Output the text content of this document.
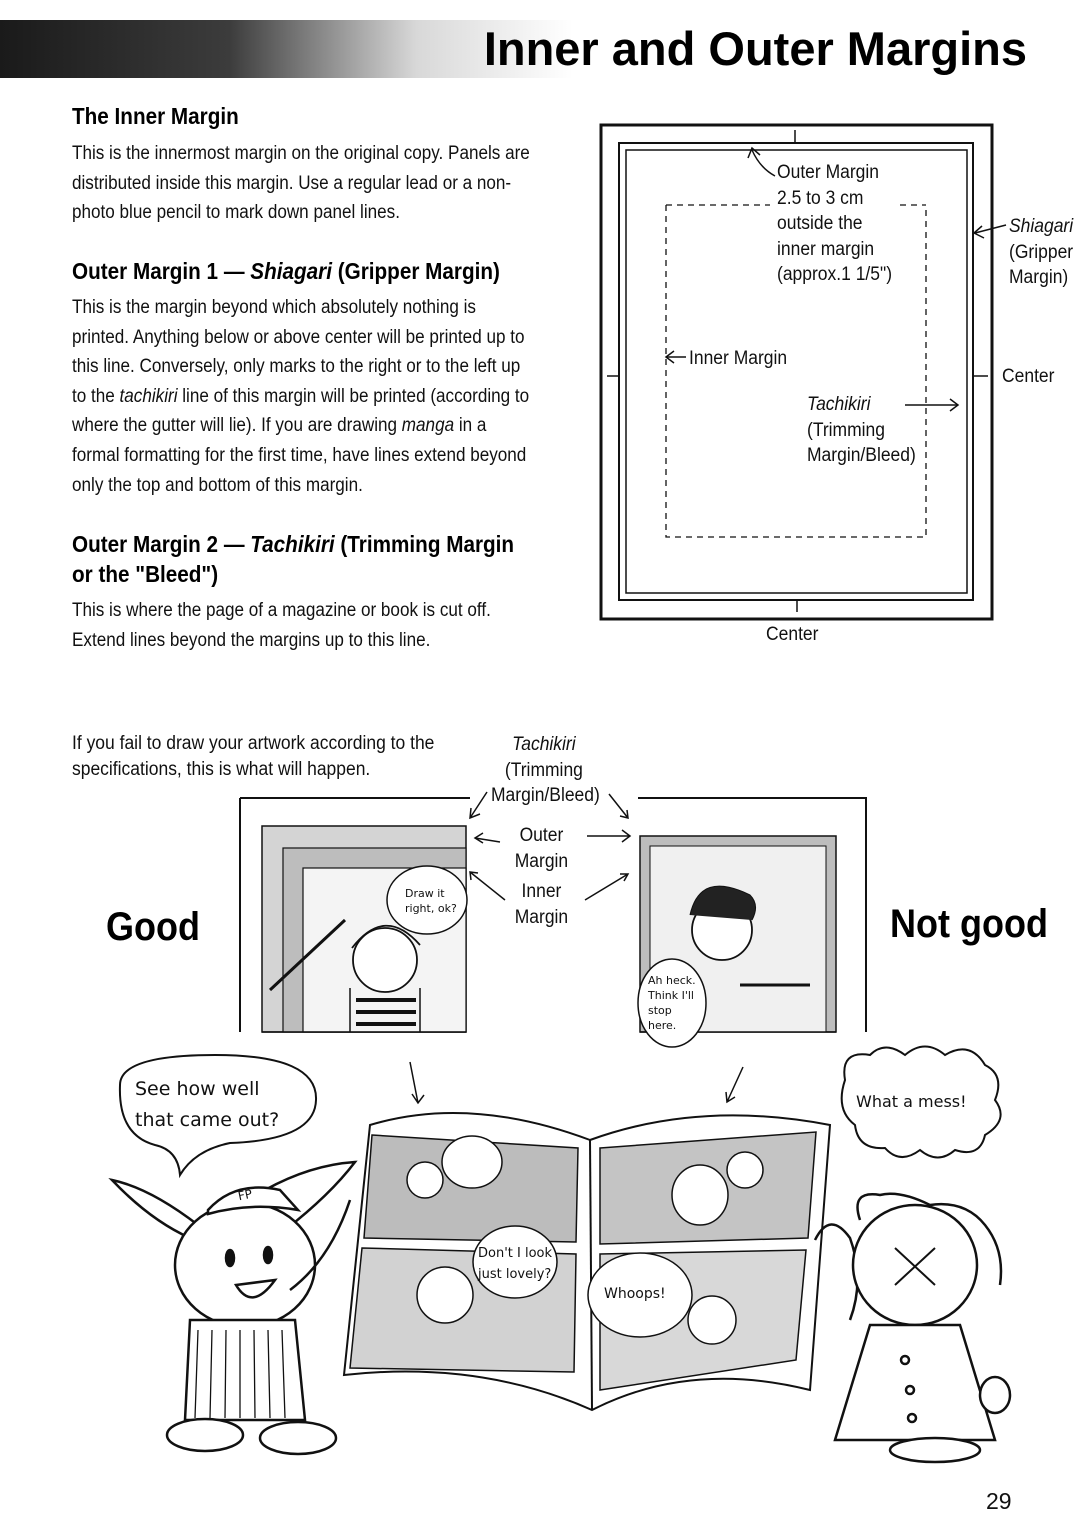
Inner and Outer Margins
The Inner Margin
This is the innermost margin on the original copy. Panels are
distributed inside this margin. Use a regular lead or a non-
photo blue pencil to mark down panel lines.
Outer Margin 1 — Shiagari (Gripper Margin)
This is the margin beyond which absolutely nothing is
printed. Anything below or above center will be printed up to
this line. Conversely, only marks to the right or to the left up
to the tachikiri line of this margin will be printed (according to
where the gutter will lie). If you are drawing manga in a
formal formatting for the first time, have lines extend beyond
only the top and bottom of this margin.
Outer Margin 2 — Tachikiri (Trimming Margin
or the "Bleed")
This is where the page of a magazine or book is cut off.
Extend lines beyond the margins up to this line.
Outer Margin
2.5 to 3 cm
outside the
inner margin
(approx.1 1/5")
Shiagari
(Gripper
Margin)
Center
Center
Inner Margin
Tachikiri
(Trimming
Margin/Bleed)
If you fail to draw your artwork according to the
specifications, this is what will happen.
Tachikiri
(Trimming
Margin/Bleed)
Outer
Margin
Inner
Margin
Good	Not good
Draw it
right, ok?
Ah heck.
Think I'll
stop
here.
See how well
that came out?
What a mess!
Don't I look
just lovely?
Whoops!
FP
29
